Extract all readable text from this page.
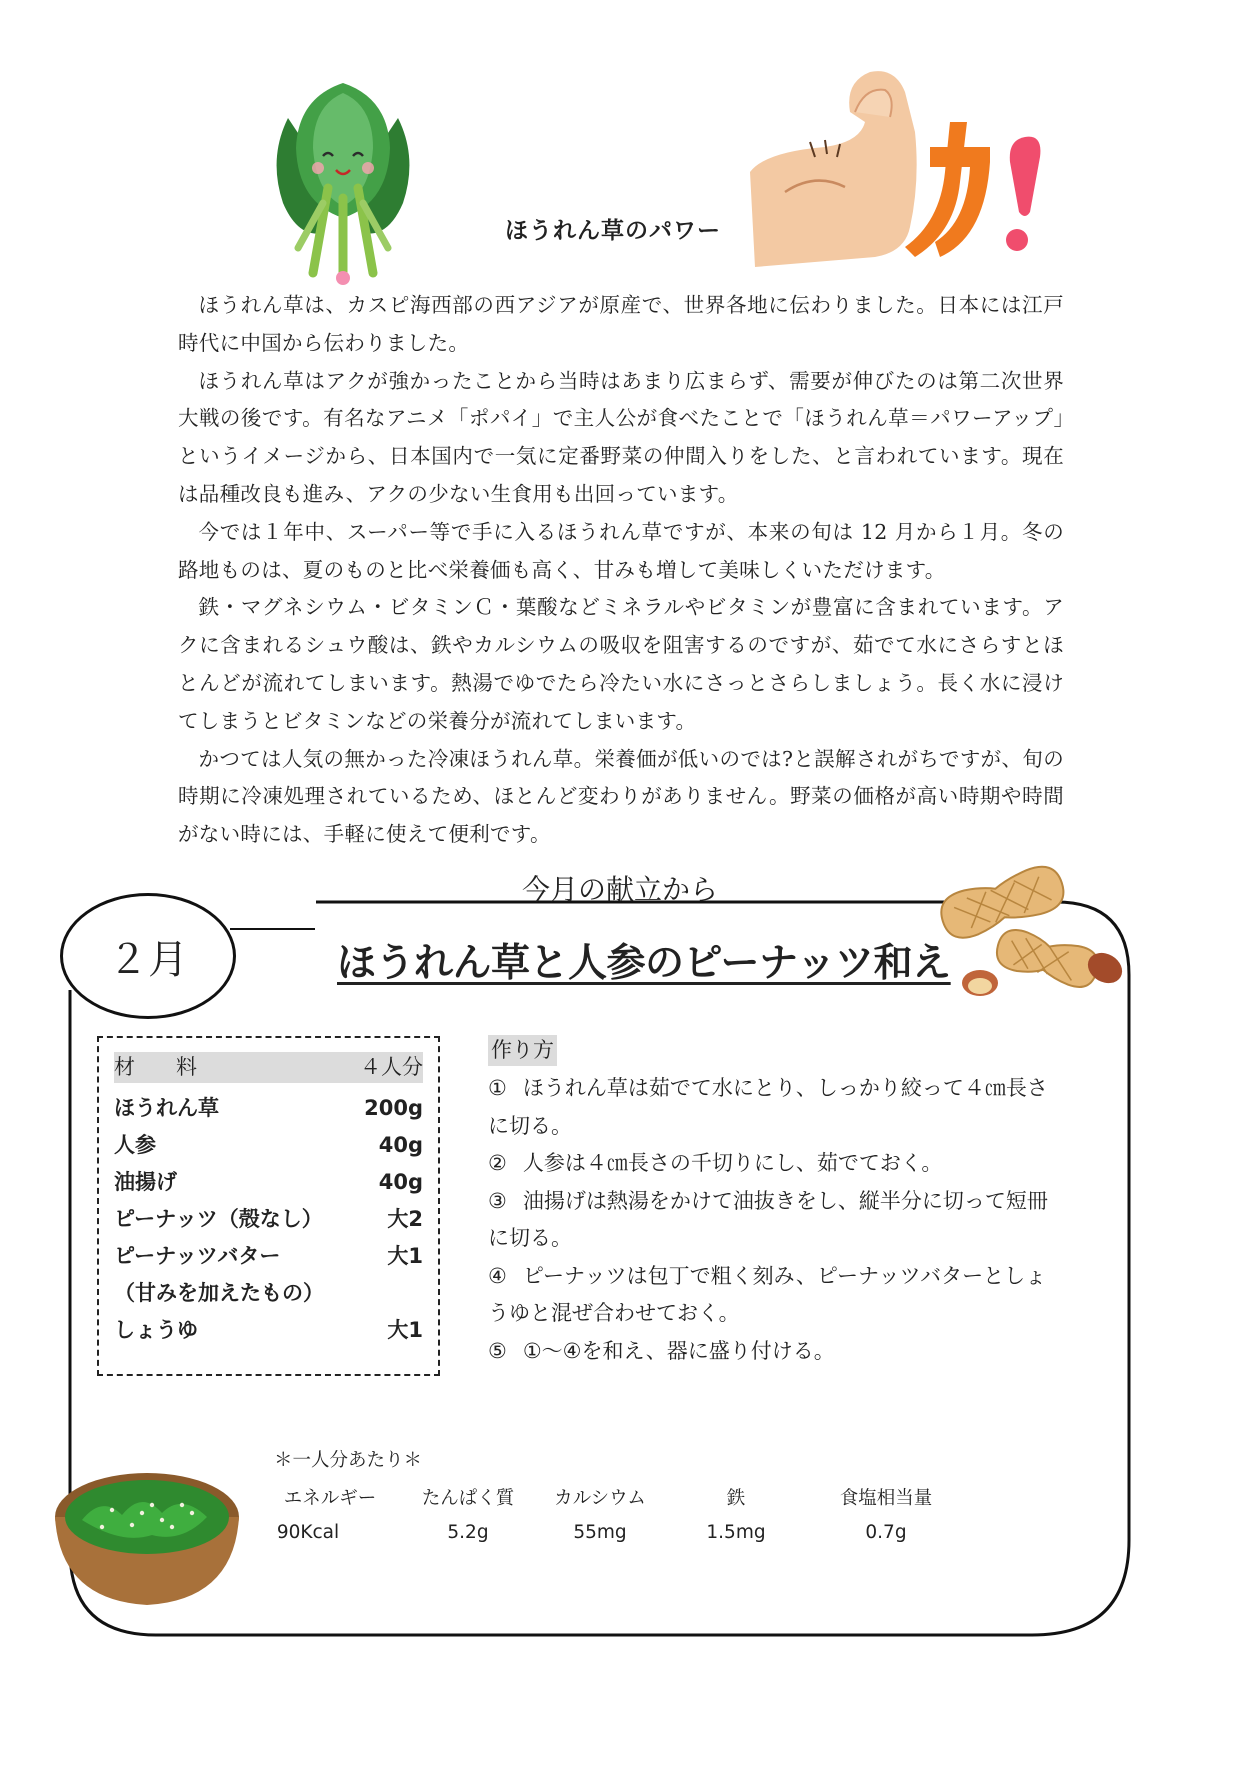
ほうれん草のパワー

ほうれん草は、カスピ海西部の西アジアが原産で、世界各地に伝わりました。日本には江戸時代に中国から伝わりました。

ほうれん草はアクが強かったことから当時はあまり広まらず、需要が伸びたのは第二次世界大戦の後です。有名なアニメ「ポパイ」で主人公が食べたことで「ほうれん草＝パワーアップ」というイメージから、日本国内で一気に定番野菜の仲間入りをした、と言われています。現在は品種改良も進み、アクの少ない生食用も出回っています。

今では１年中、スーパー等で手に入るほうれん草ですが、本来の旬は 12 月から１月。冬の路地ものは、夏のものと比べ栄養価も高く、甘みも増して美味しくいただけます。

鉄・マグネシウム・ビタミンＣ・葉酸などミネラルやビタミンが豊富に含まれています。アクに含まれるシュウ酸は、鉄やカルシウムの吸収を阻害するのですが、茹でて水にさらすとほとんどが流れてしまいます。熱湯でゆでたら冷たい水にさっとさらしましょう。長く水に浸けてしまうとビタミンなどの栄養分が流れてしまいます。

かつては人気の無かった冷凍ほうれん草。栄養価が低いのでは?と誤解されがちですが、旬の時期に冷凍処理されているため、ほとんど変わりがありません。野菜の価格が高い時期や時間がない時には、手軽に使えて便利です。

２月
今月の献立から
ほうれん草と人参のピーナッツ和え
材　料	４人分
ほうれん草	200g
人参	40g
油揚げ	40g
ピーナッツ（殻なし）	大2
ピーナッツバター	大1
（甘みを加えたもの）
しょうゆ	大1
作り方

① ほうれん草は茹でて水にとり、しっかり絞って４㎝長さに切る。

② 人参は４㎝長さの千切りにし、茹でておく。

③ 油揚げは熱湯をかけて油抜きをし、縦半分に切って短冊に切る。

④ ピーナッツは包丁で粗く刻み、ピーナッツバターとしょうゆと混ぜ合わせておく。

⑤ ①～④を和え、器に盛り付ける。

＊一人分あたり＊
エネルギー	たんぱく質	カルシウム	鉄	食塩相当量
90Kcal	5.2g	55mg	1.5mg	0.7g
